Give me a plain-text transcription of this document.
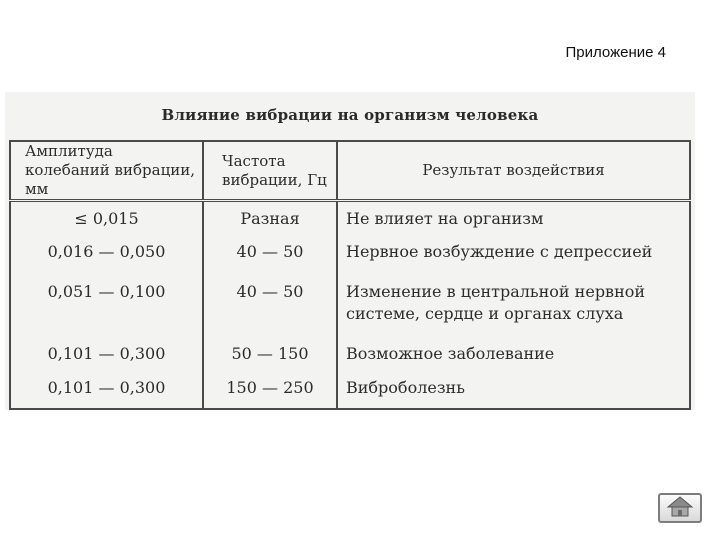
Приложение 4
Влияние вибрации на организм человека
Амплитуда колебаний вибрации, мм	Частота вибрации, Гц	Результат воздействия
≤ 0,015	Разная	Не влияет на организм
0,016 — 0,050	40 — 50	Нервное возбуждение с депрессией
0,051 — 0,100	40 — 50	Изменение в центральной нервной системе, сердце и органах слуха
0,101 — 0,300	50 — 150	Возможное заболевание
0,101 — 0,300	150 — 250	Виброболезнь
